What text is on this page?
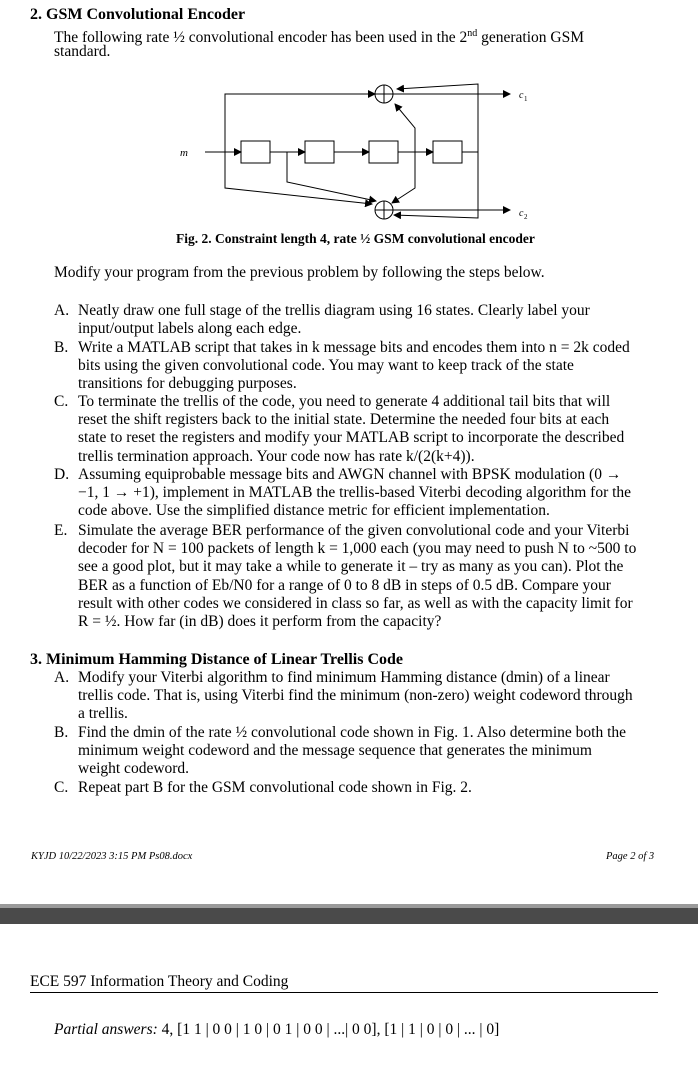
2. GSM Convolutional Encoder
The following rate ½ convolutional encoder has been used in the 2nd generation GSM
standard.
m
c 1
c 2
Fig. 2. Constraint length 4, rate ½ GSM convolutional encoder
Modify your program from the previous problem by following the steps below.
A. Neatly draw one full stage of the trellis diagram using 16 states. Clearly label your
input/output labels along each edge.
B. Write a MATLAB script that takes in k message bits and encodes them into n = 2k coded
bits using the given convolutional code. You may want to keep track of the state
transitions for debugging purposes.
C. To terminate the trellis of the code, you need to generate 4 additional tail bits that will
reset the shift registers back to the initial state. Determine the needed four bits at each
state to reset the registers and modify your MATLAB script to incorporate the described
trellis termination approach. Your code now has rate k/(2(k+4)).
D. Assuming equiprobable message bits and AWGN channel with BPSK modulation (0 →
−1, 1 → +1), implement in MATLAB the trellis-based Viterbi decoding algorithm for the
code above. Use the simplified distance metric for efficient implementation.
E. Simulate the average BER performance of the given convolutional code and your Viterbi
decoder for N = 100 packets of length k = 1,000 each (you may need to push N to ~500 to
see a good plot, but it may take a while to generate it – try as many as you can). Plot the
BER as a function of Eb/N0 for a range of 0 to 8 dB in steps of 0.5 dB. Compare your
result with other codes we considered in class so far, as well as with the capacity limit for
R = ½. How far (in dB) does it perform from the capacity?
3. Minimum Hamming Distance of Linear Trellis Code
A. Modify your Viterbi algorithm to find minimum Hamming distance (dmin) of a linear
trellis code. That is, using Viterbi find the minimum (non-zero) weight codeword through
a trellis.
B. Find the dmin of the rate ½ convolutional code shown in Fig. 1. Also determine both the
minimum weight codeword and the message sequence that generates the minimum
weight codeword.
C. Repeat part B for the GSM convolutional code shown in Fig. 2.
KYJD 10/22/2023 3:15 PM Ps08.docx	Page 2 of 3
ECE 597 Information Theory and Coding
Partial answers: 4, [1 1 | 0 0 | 1 0 | 0 1 | 0 0 | ...| 0 0], [1 | 1 | 0 | 0 | ... | 0]
